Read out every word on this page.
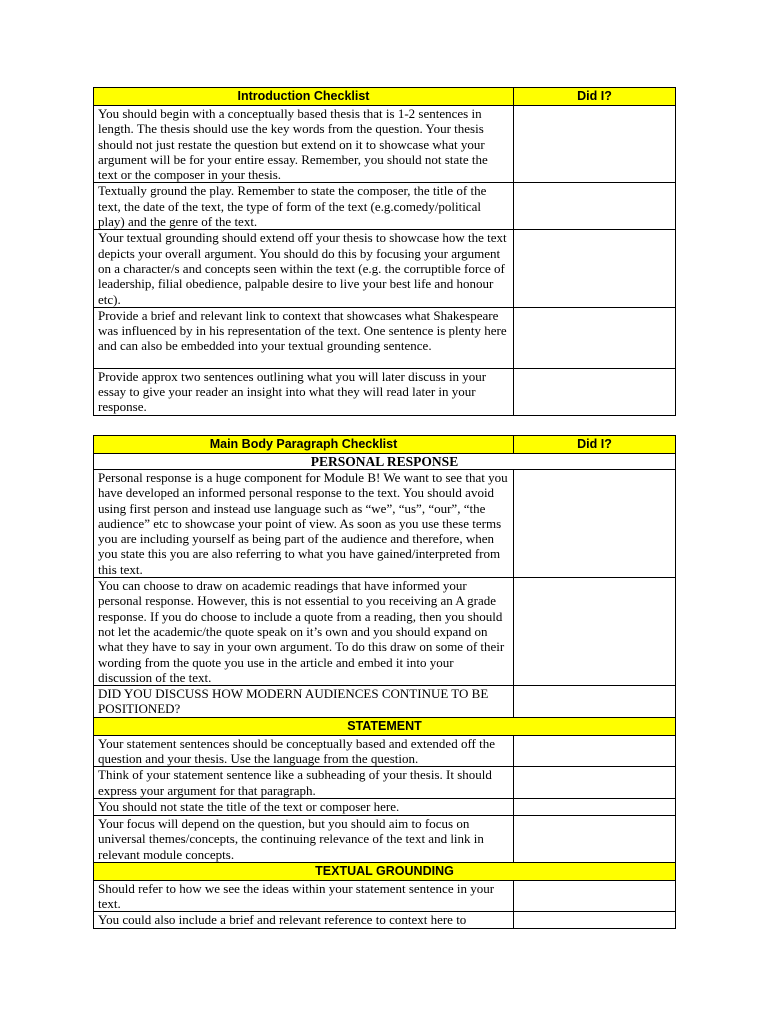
Introduction Checklist	Did I?
You should begin with a conceptually based thesis that is 1-2 sentences in length. The thesis should use the key words from the question. Your thesis should not just restate the question but extend on it to showcase what your argument will be for your entire essay. Remember, you should not state the text or the composer in your thesis.	
Textually ground the play. Remember to state the composer, the title of the text, the date of the text, the type of form of the text (e.g.comedy/political play) and the genre of the text.	
Your textual grounding should extend off your thesis to showcase how the text depicts your overall argument. You should do this by focusing your argument on a character/s and concepts seen within the text (e.g. the corruptible force of leadership, filial obedience, palpable desire to live your best life and honour etc).	
Provide a brief and relevant link to context that showcases what Shakespeare was influenced by in his representation of the text. One sentence is plenty here and can also be embedded into your textual grounding sentence.	
Provide approx two sentences outlining what you will later discuss in your essay to give your reader an insight into what they will read later in your response.	
Main Body Paragraph Checklist	Did I?
PERSONAL RESPONSE	
Personal response is a huge component for Module B! We want to see that you have developed an informed personal response to the text. You should avoid using first person and instead use language such as “we”, “us”, “our”, “the audience” etc to showcase your point of view. As soon as you use these terms you are including yourself as being part of the audience and therefore, when you state this you are also referring to what you have gained/interpreted from this text.	
You can choose to draw on academic readings that have informed your personal response. However, this is not essential to you receiving an A grade response. If you do choose to include a quote from a reading, then you should not let the academic/the quote speak on it’s own and you should expand on what they have to say in your own argument. To do this draw on some of their wording from the quote you use in the article and embed it into your discussion of the text.	
DID YOU DISCUSS HOW MODERN AUDIENCES CONTINUE TO BE POSITIONED?	
STATEMENT	
Your statement sentences should be conceptually based and extended off the question and your thesis. Use the language from the question.	
Think of your statement sentence like a subheading of your thesis. It should express your argument for that paragraph.	
You should not state the title of the text or composer here.	
Your focus will depend on the question, but you should aim to focus on universal themes/concepts, the continuing relevance of the text and link in relevant module concepts.	
TEXTUAL GROUNDING	
Should refer to how we see the ideas within your statement sentence in your text.	
You could also include a brief and relevant reference to context here to	
